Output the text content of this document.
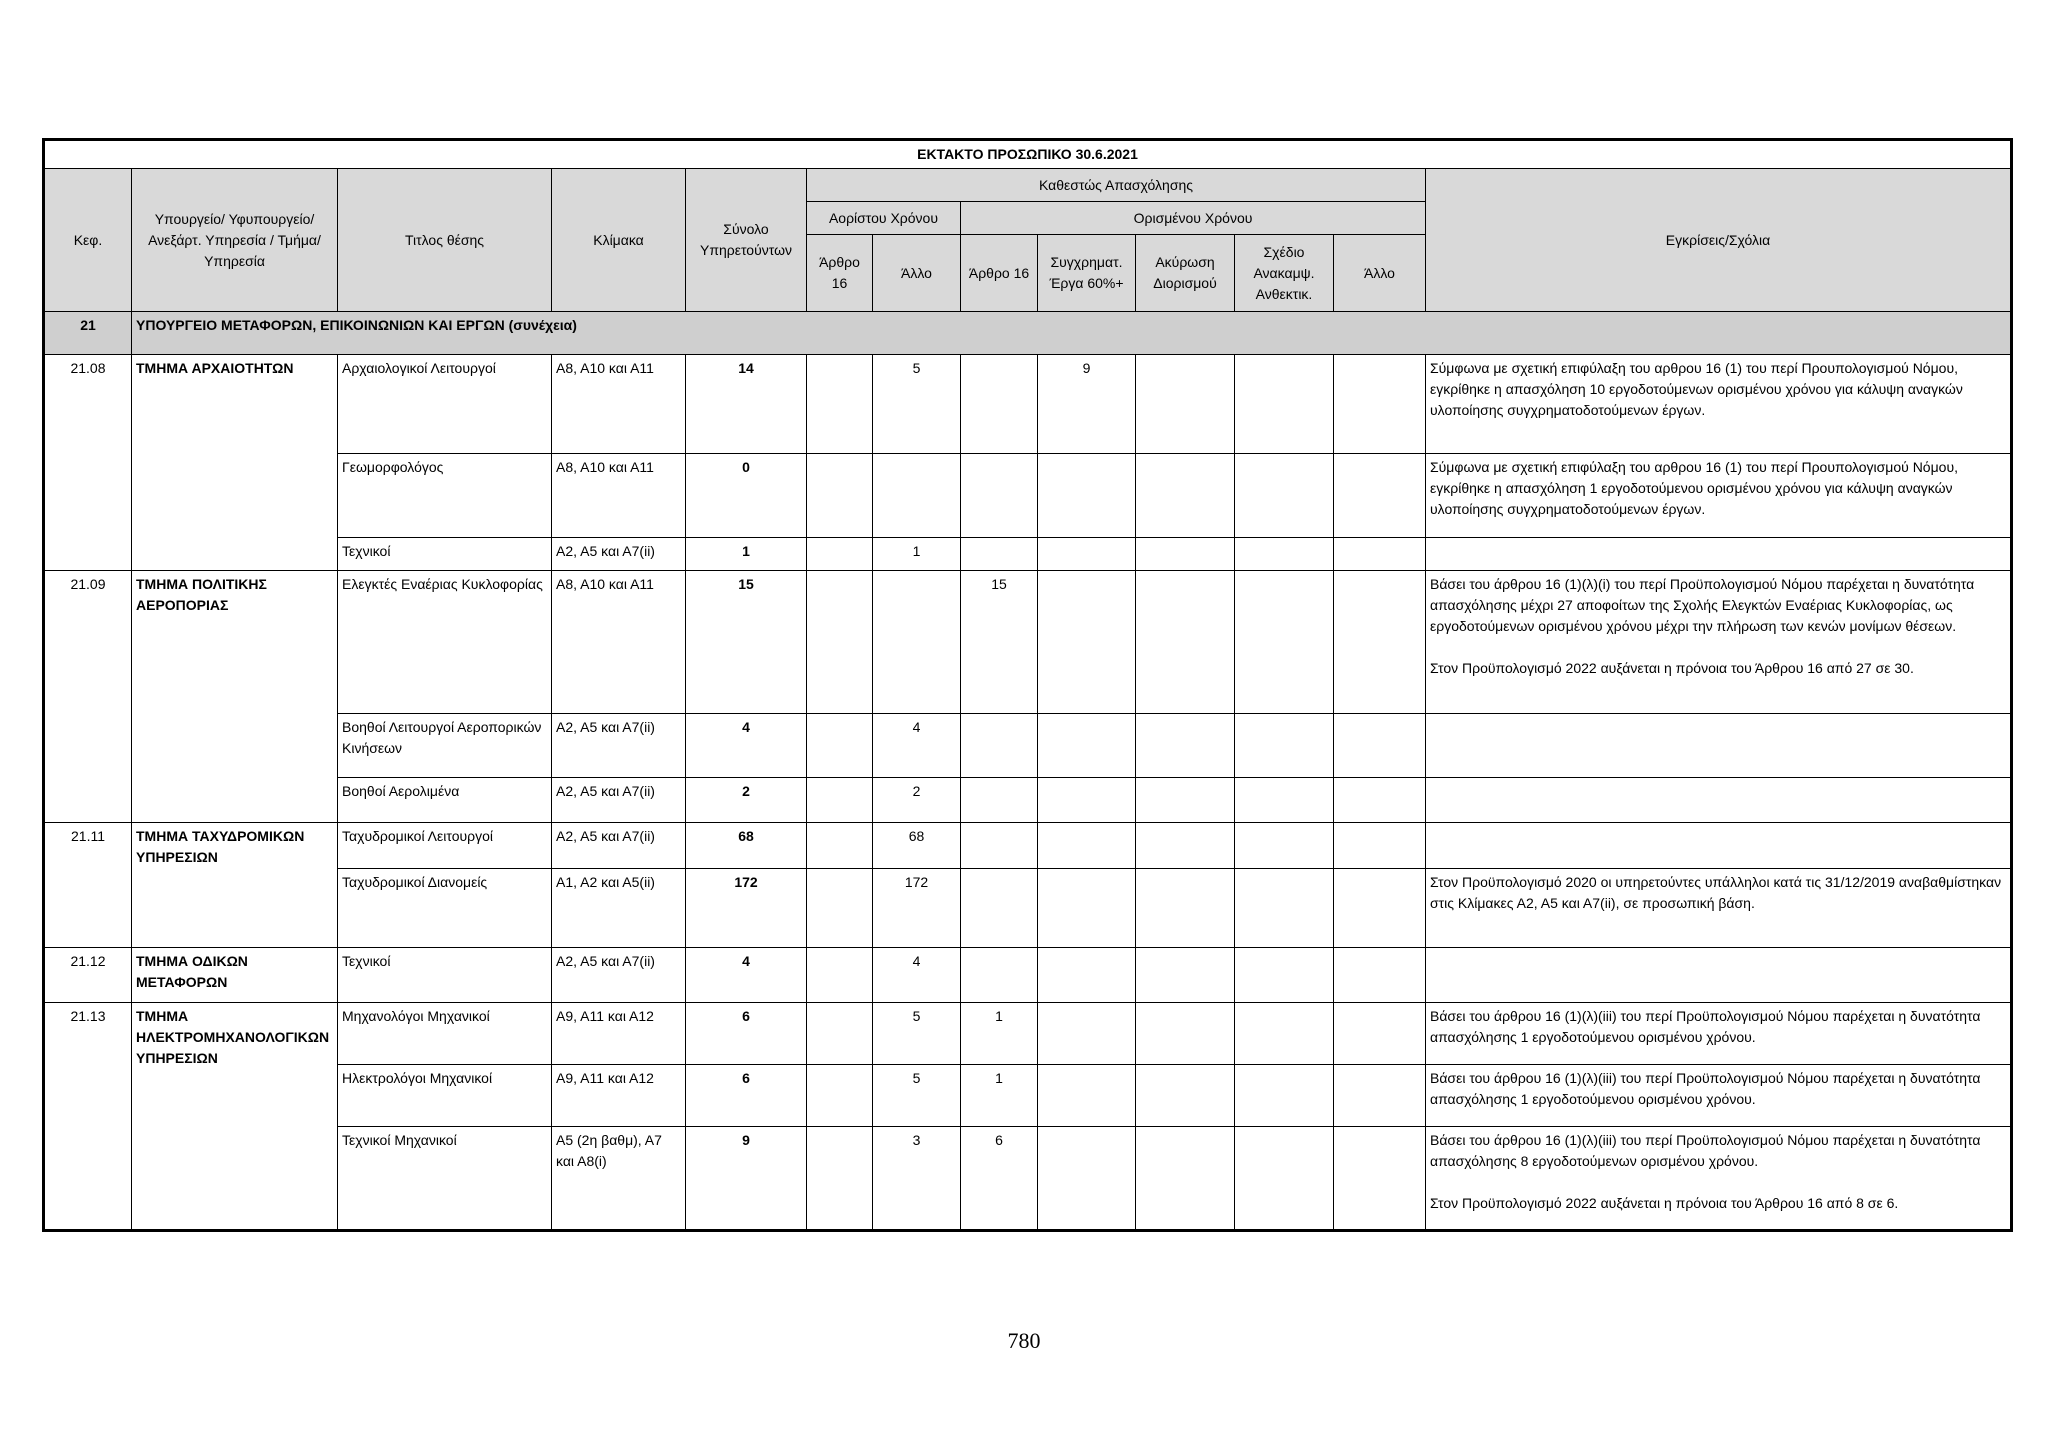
ΕΚΤΑΚΤΟ ΠΡΟΣΩΠΙΚΟ 30.6.2021												
Κεφ.	Υπουργείο/ Υφυπουργείο/ Ανεξάρτ. Υπηρεσία / Τμήμα/ Υπηρεσία	Τιτλος θέσης	Κλίμακα	Σύνολο Υπηρετούντων	Καθεστώς Απασχόλησης							Εγκρίσεις/Σχόλια
					Αορίστου Χρόνου		Ορισμένου Χρόνου					
					Άρθρο 16	Άλλο	Άρθρο 16	Συγχρηματ. Έργα 60%+	Ακύρωση Διορισμού	Σχέδιο Ανακαμψ. Ανθεκτικ.	Άλλο	
21	ΥΠΟΥΡΓΕΙΟ ΜΕΤΑΦΟΡΩΝ, ΕΠΙΚΟΙΝΩΝΙΩΝ ΚΑΙ ΕΡΓΩΝ (συνέχεια)											
21.08	ΤΜΗΜΑ ΑΡΧΑΙΟΤΗΤΩΝ	Αρχαιολογικοί Λειτουργοί	Α8, Α10 και Α11	14		5		9				Σύμφωνα με σχετική επιφύλαξη του αρθρου 16 (1) του περί Προυπολογισμού Νόμου, εγκρίθηκε η απασχόληση 10 εργοδοτούμενων ορισμένου χρόνου για κάλυψη αναγκών υλοποίησης συγχρηματοδοτούμενων έργων.
		Γεωμορφολόγος	Α8, Α10 και Α11	0								Σύμφωνα με σχετική επιφύλαξη του αρθρου 16 (1) του περί Προυπολογισμού Νόμου, εγκρίθηκε η απασχόληση 1 εργοδοτούμενου ορισμένου χρόνου για κάλυψη αναγκών υλοποίησης συγχρηματοδοτούμενων έργων.
		Τεχνικοί	Α2, Α5 και Α7(ii)	1		1						
21.09	ΤΜΗΜΑ ΠΟΛΙΤΙΚΗΣ ΑΕΡΟΠΟΡΙΑΣ	Ελεγκτές Εναέριας Κυκλοφορίας	Α8, Α10 και Α11	15			15					Βάσει του άρθρου 16 (1)(λ)(i) του περί Προϋπολογισμού Νόμου παρέχεται η δυνατότητα απασχόλησης μέχρι 27 αποφοίτων της Σχολής Ελεγκτών Εναέριας Κυκλοφορίας, ως εργοδοτούμενων ορισμένου χρόνου μέχρι την πλήρωση των κενών μονίμων θέσεων.
Στον Προϋπολογισμό 2022 αυξάνεται η πρόνοια του Άρθρου 16 από 27 σε 30.

		Βοηθοί Λειτουργοί Αεροπορικών Κινήσεων	Α2, Α5 και Α7(ii)	4		4						
		Βοηθοί Αερολιμένα	Α2, Α5 και Α7(ii)	2		2						
21.11	ΤΜΗΜΑ ΤΑΧΥΔΡΟΜΙΚΩΝ ΥΠΗΡΕΣΙΩΝ	Ταχυδρομικοί Λειτουργοί	Α2, Α5 και Α7(ii)	68		68						
		Ταχυδρομικοί Διανομείς	Α1, Α2 και Α5(ii)	172		172						Στον Προϋπολογισμό 2020 οι υπηρετούντες υπάλληλοι κατά τις 31/12/2019 αναβαθμίστηκαν στις Κλίμακες Α2, Α5 και Α7(ii), σε προσωπική βάση.
21.12	ΤΜΗΜΑ ΟΔΙΚΩΝ ΜΕΤΑΦΟΡΩΝ	Τεχνικοί	Α2, Α5 και Α7(ii)	4		4						
21.13	ΤΜΗΜΑ ΗΛΕΚΤΡΟΜΗΧΑΝΟΛΟΓΙΚΩΝ ΥΠΗΡΕΣΙΩΝ	Μηχανολόγοι Μηχανικοί	Α9, Α11 και Α12	6		5	1					Βάσει του άρθρου 16 (1)(λ)(iii) του περί Προϋπολογισμού Νόμου παρέχεται η δυνατότητα απασχόλησης 1 εργοδοτούμενου ορισμένου χρόνου.
		Ηλεκτρολόγοι Μηχανικοί	Α9, Α11 και Α12	6		5	1					Βάσει του άρθρου 16 (1)(λ)(iii) του περί Προϋπολογισμού Νόμου παρέχεται η δυνατότητα απασχόλησης 1 εργοδοτούμενου ορισμένου χρόνου.
		Τεχνικοί Μηχανικοί	Α5 (2η βαθμ), Α7 και Α8(i)	9		3	6					Βάσει του άρθρου 16 (1)(λ)(iii) του περί Προϋπολογισμού Νόμου παρέχεται η δυνατότητα απασχόλησης 8 εργοδοτούμενων ορισμένου χρόνου.
Στον Προϋπολογισμό 2022 αυξάνεται η πρόνοια του Άρθρου 16 από 8 σε 6.
780
